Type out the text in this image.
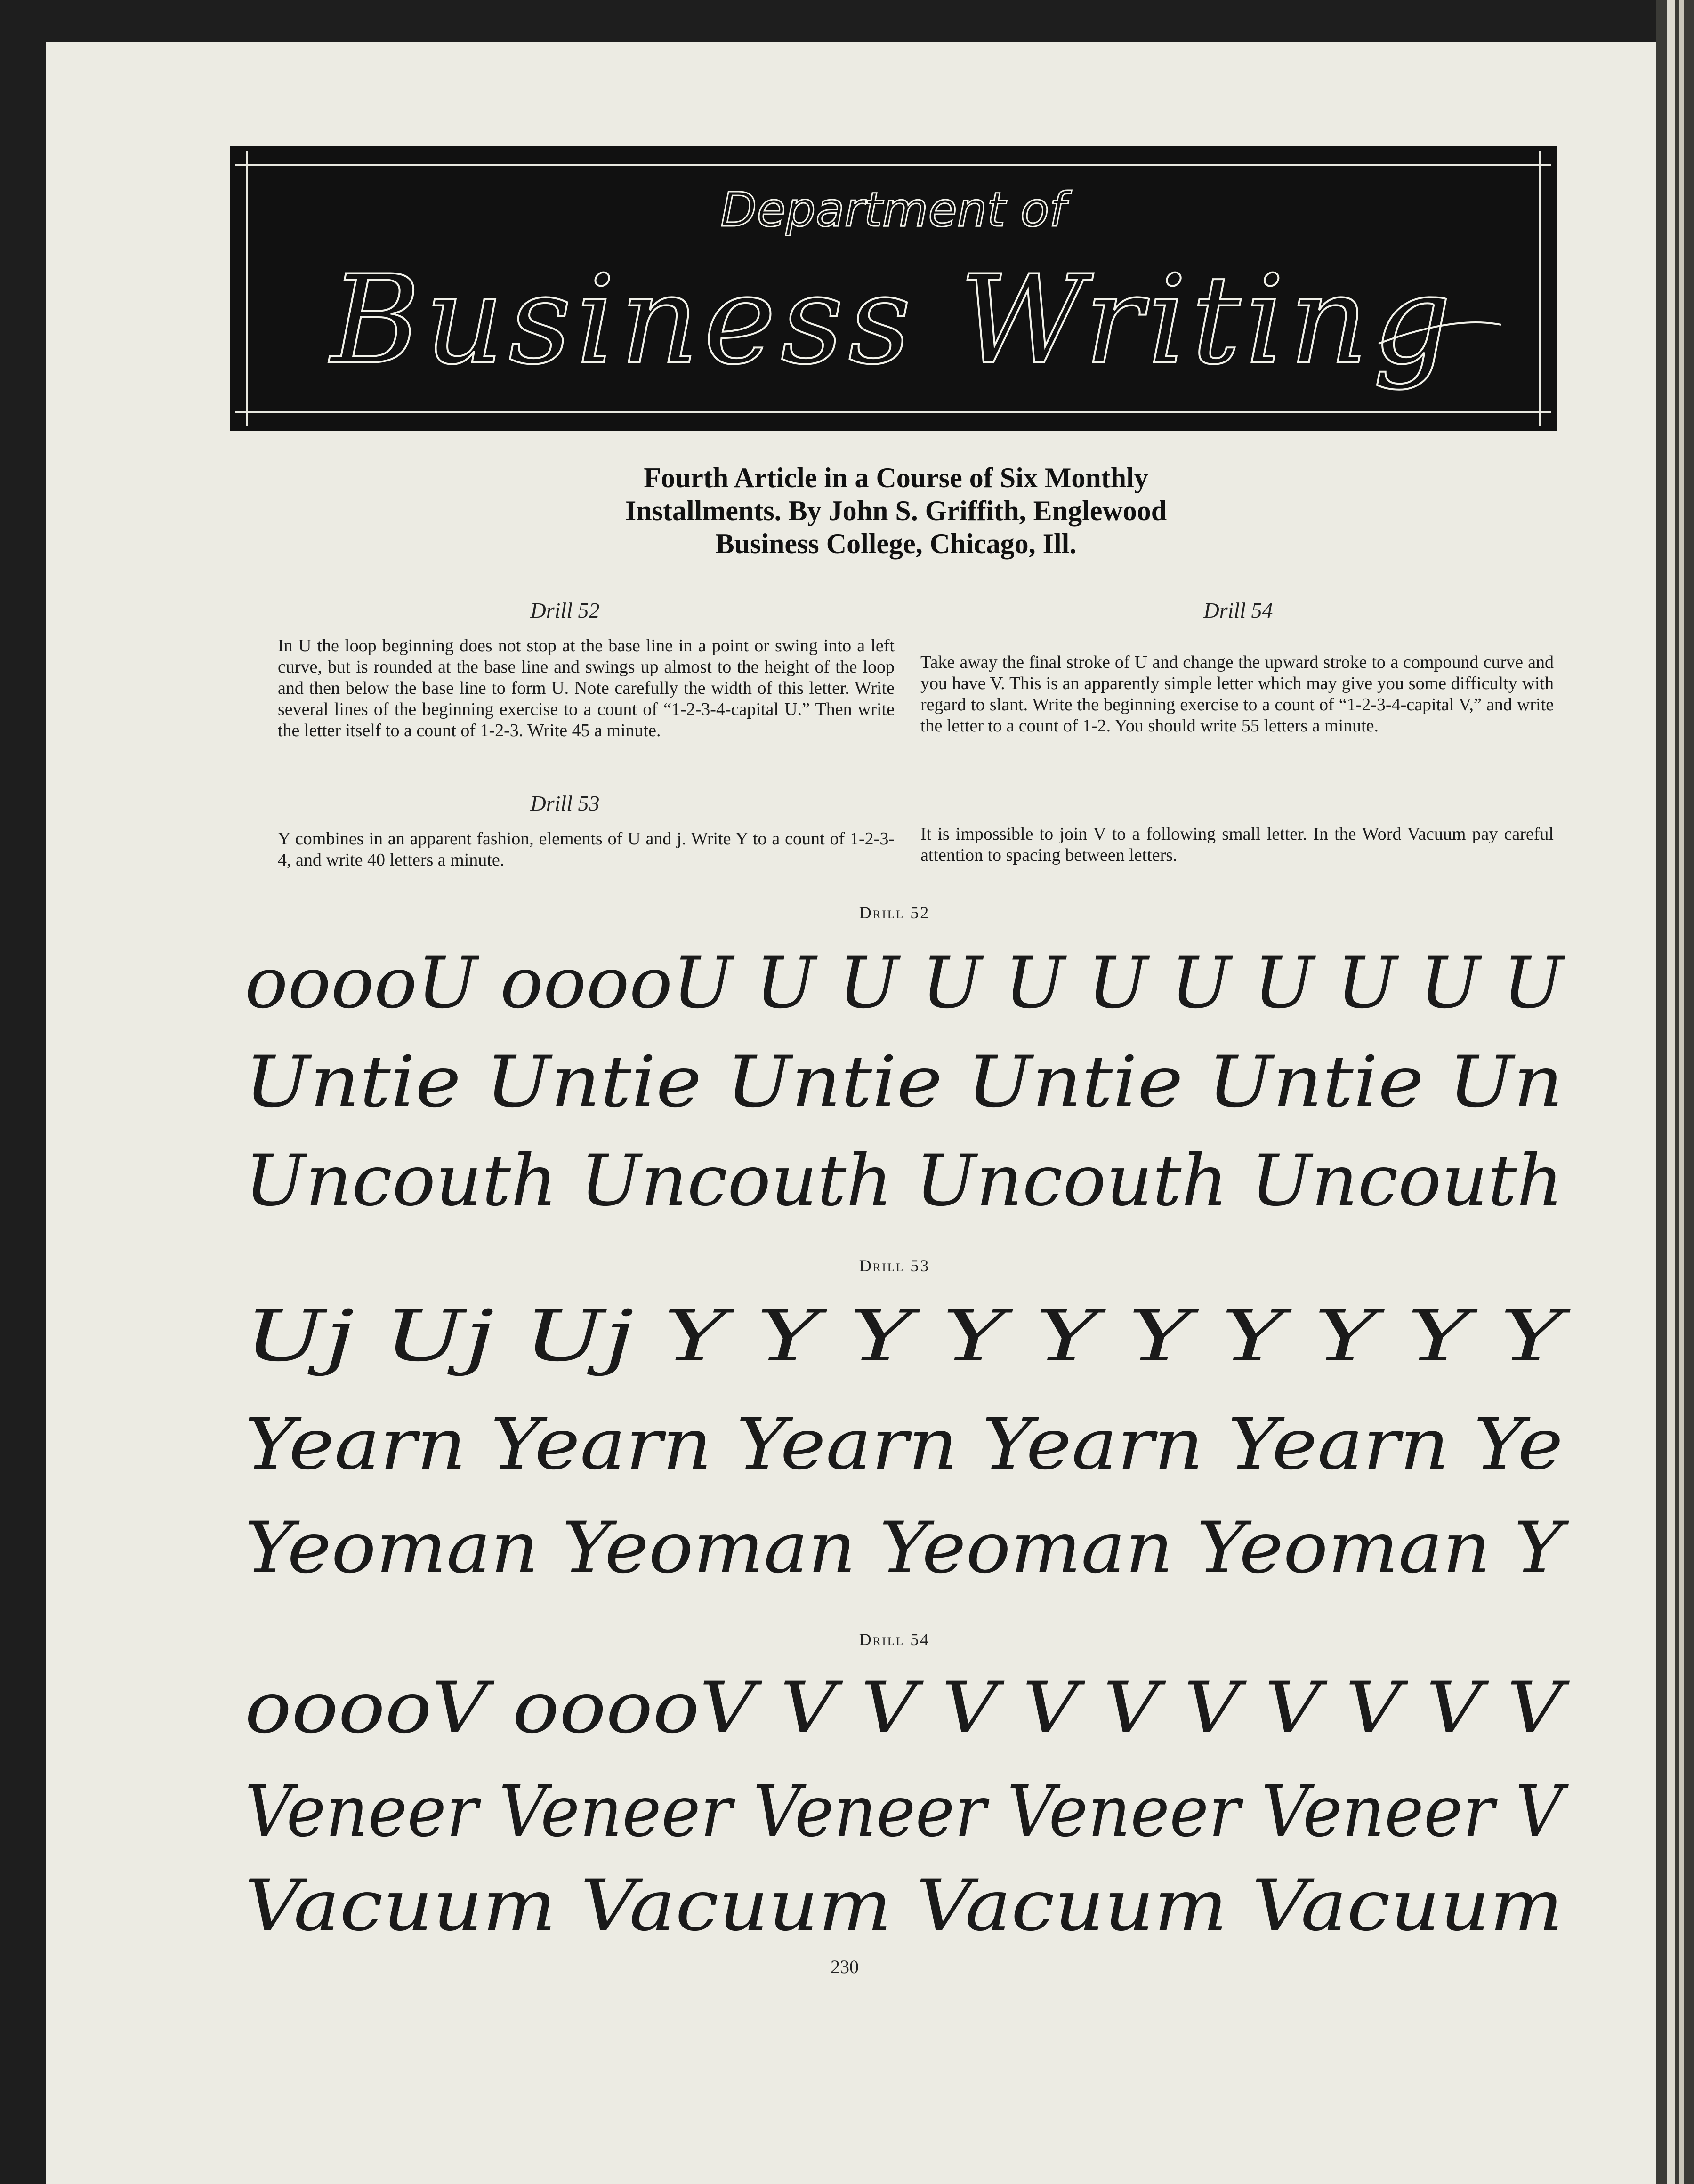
Department of
Business Writing
Fourth Article in a Course of Six Monthly Installments. By John S. Griffith, Englewood Business College, Chicago, Ill.
Drill 52
In U the loop beginning does not stop at the base line in a point or swing into a left curve, but is rounded at the base line and swings up almost to the height of the loop and then below the base line to form U. Note carefully the width of this letter. Write several lines of the beginning exercise to a count of “1-2-3-4-capital U.” Then write the letter itself to a count of 1-2-3. Write 45 a minute.
Drill 53
Y combines in an apparent fashion, elements of U and j. Write Y to a count of 1-2-3-4, and write 40 letters a minute.
Drill 54
Take away the final stroke of U and change the upward stroke to a compound curve and you have V. This is an apparently simple letter which may give you some difficulty with regard to slant. Write the beginning exercise to a count of “1-2-3-4-capital V,” and write the letter to a count of 1-2. You should write 55 letters a minute.
It is impossible to join V to a following small letter. In the Word Vacuum pay careful attention to spacing between letters.
Drill 52
ooooU ooooU U U U U U U U U U U
Untie Untie Untie Untie Untie Un
Uncouth Uncouth Uncouth Uncouth
Drill 53
Uj Uj Uj Y Y Y Y Y Y Y Y Y Y
Yearn Yearn Yearn Yearn Yearn Ye
Yeoman Yeoman Yeoman Yeoman Y
Drill 54
ooooV ooooV V V V V V V V V V V
Veneer Veneer Veneer Veneer Veneer V
Vacuum Vacuum Vacuum Vacuum
230
